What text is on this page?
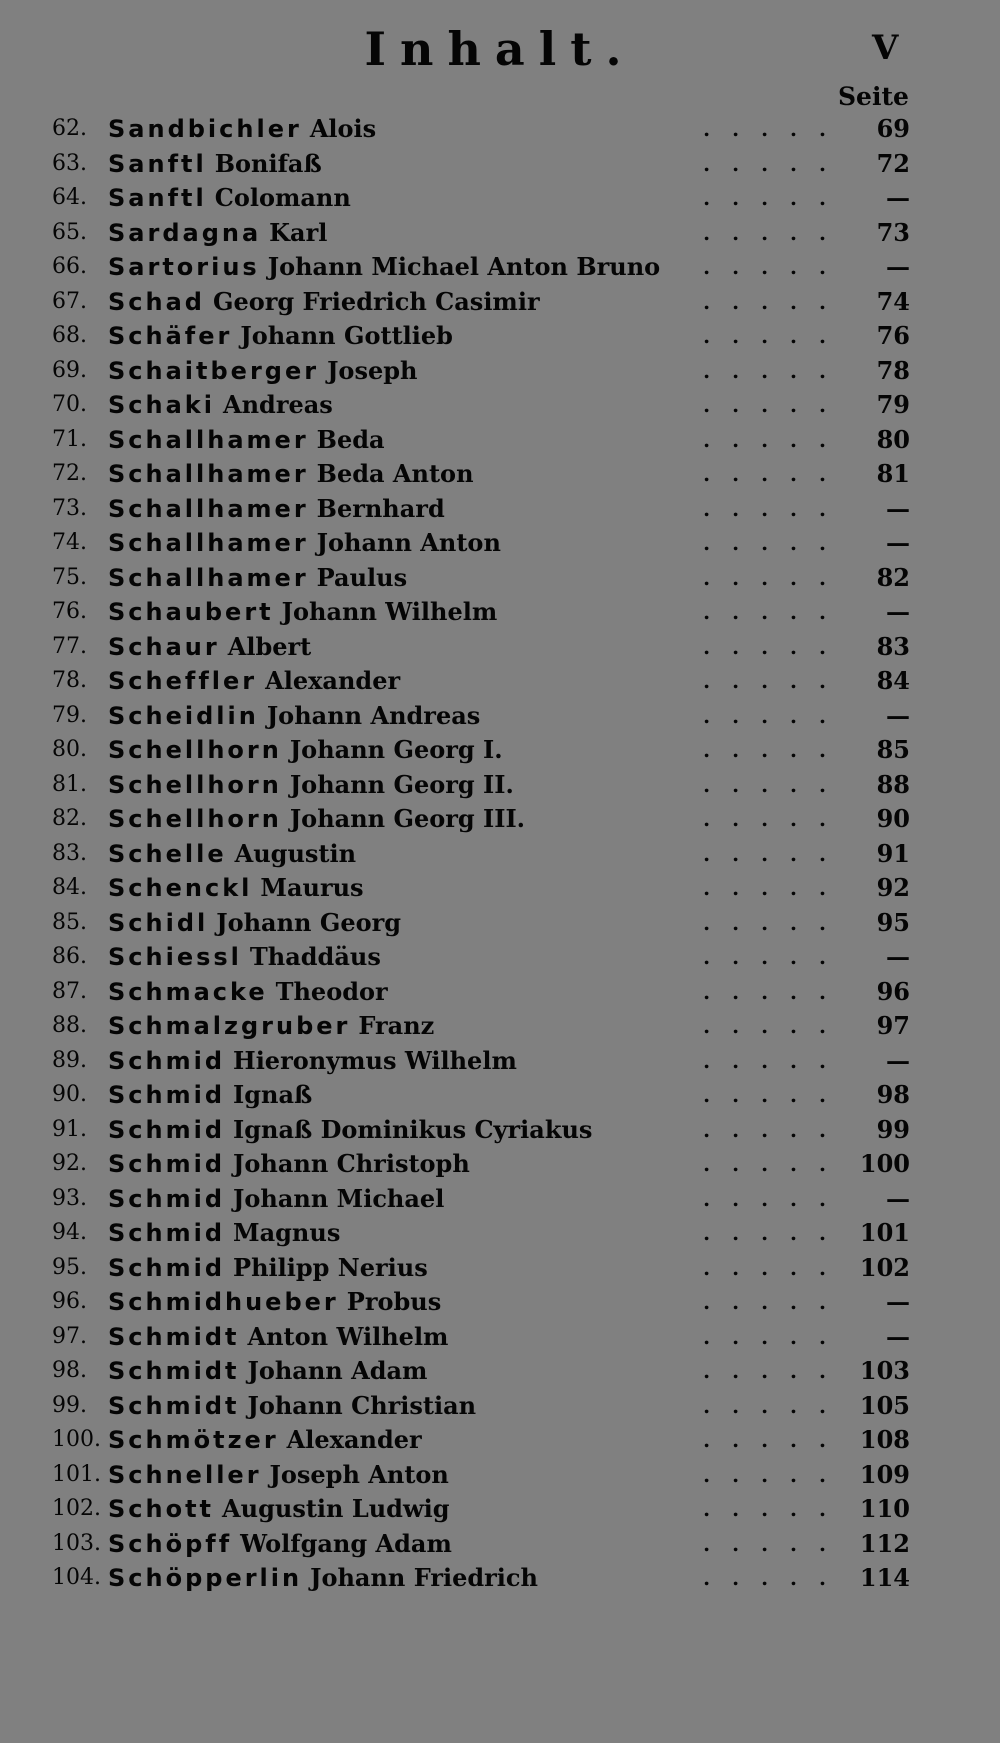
Inhalt.	V
Seite
62. Sandbichler Alois	.....	69
63. Sanftl Bonifaß	.....	72
64. Sanftl Colomann	.....	—
65. Sardagna Karl	.....	73
66. Sartorius Johann Michael Anton Bruno .....	—
67. Schad Georg Friedrich Casimir	.....	74
68. Schäfer Johann Gottlieb	.....	76
69. Schaitberger Joseph	.....	78
70. Schaki Andreas	.....	79
71. Schallhamer Beda	.....	80
72. Schallhamer Beda Anton	.....	81
73. Schallhamer Bernhard	.....	—
74. Schallhamer Johann Anton	.....	—
75. Schallhamer Paulus	.....	82
76. Schaubert Johann Wilhelm	.....	—
77. Schaur Albert	.....	83
78. Scheffler Alexander	.....	84
79. Scheidlin Johann Andreas	.....	—
80. Schellhorn Johann Georg I.	.....	85
81. Schellhorn Johann Georg II.	.....	88
82. Schellhorn Johann Georg III.	.....	90
83. Schelle Augustin	.....	91
84. Schenckl Maurus	.....	92
85. Schidl Johann Georg	.....	95
86. Schiessl Thaddäus	.....	—
87. Schmacke Theodor	.....	96
88. Schmalzgruber Franz	.....	97
89. Schmid Hieronymus Wilhelm	.....	—
90. Schmid Ignaß	.....	98
91. Schmid Ignaß Dominikus Cyriakus	.....	99
92. Schmid Johann Christoph	..... 100
93. Schmid Johann Michael	.....	—
94. Schmid Magnus	..... 101
95. Schmid Philipp Nerius	..... 102
96. Schmidhueber Probus	.....	—
97. Schmidt Anton Wilhelm	.....	—
98. Schmidt Johann Adam	..... 103
99. Schmidt Johann Christian	..... 105
100. Schmötzer Alexander	..... 108
101. Schneller Joseph Anton	..... 109
102. Schott Augustin Ludwig	..... 110
103. Schöpff Wolfgang Adam	..... 112
104. Schöpperlin Johann Friedrich	..... 114
